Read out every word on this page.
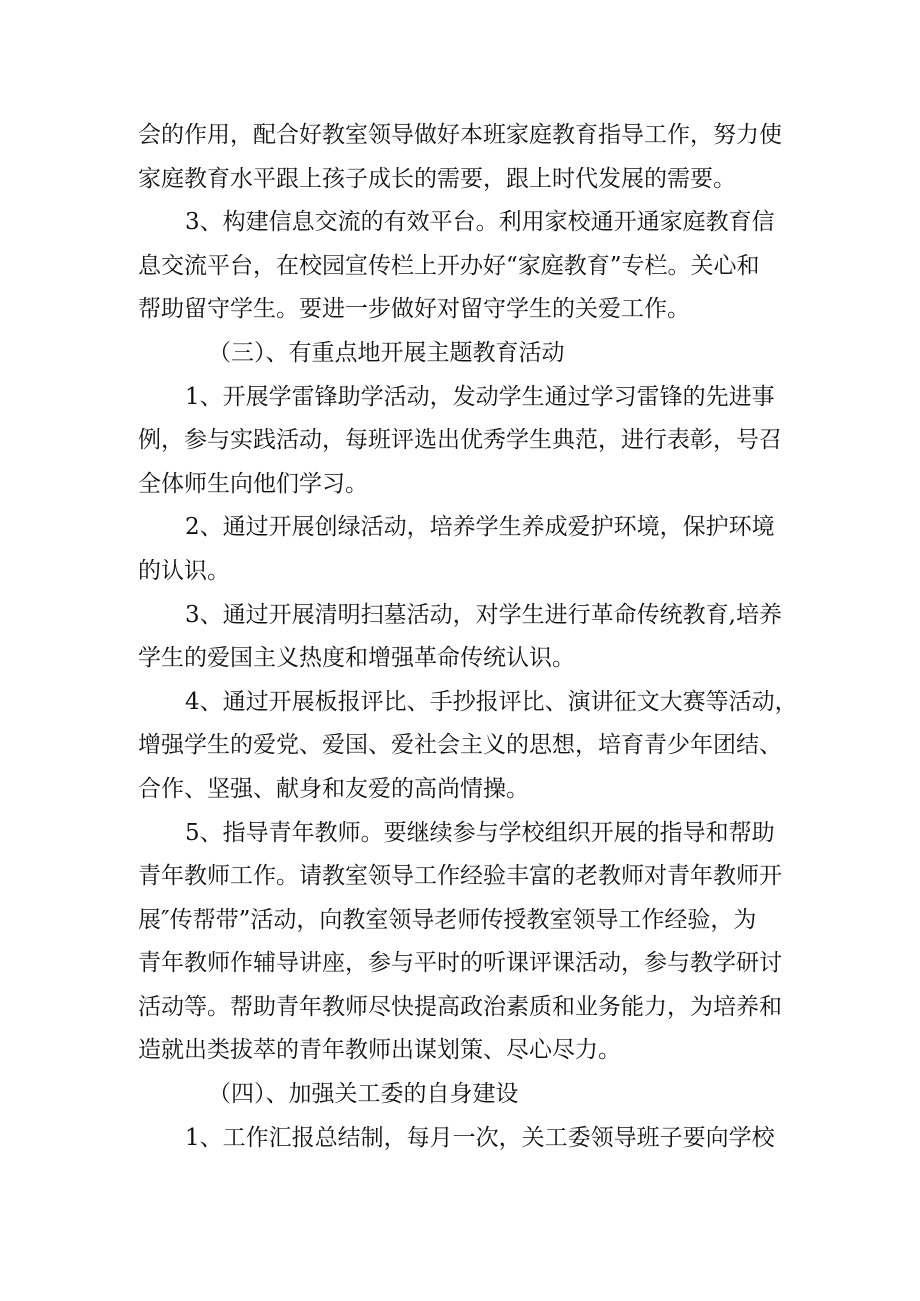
会的作用，配合好教室领导做好本班家庭教育指导工作，努力使
家庭教育水平跟上孩子成长的需要，跟上时代发展的需要。
3、构建信息交流的有效平台。利用家校通开通家庭教育信
息交流平台，在校园宣传栏上开办好“家庭教育”专栏。关心和
帮助留守学生。要进一步做好对留守学生的关爱工作。
（三）、有重点地开展主题教育活动
1、开展学雷锋助学活动，发动学生通过学习雷锋的先进事
例，参与实践活动，每班评选出优秀学生典范，进行表彰，号召
全体师生向他们学习。
2、通过开展创绿活动，培养学生养成爱护环境，保护环境
的认识。
3、通过开展清明扫墓活动，对学生进行革命传统教育,培养
学生的爱国主义热度和增强革命传统认识。
4、通过开展板报评比、手抄报评比、演讲征文大赛等活动，
增强学生的爱党、爱国、爱社会主义的思想，培育青少年团结、
合作、坚强、献身和友爱的高尚情操。
5、指导青年教师。要继续参与学校组织开展的指导和帮助
青年教师工作。请教室领导工作经验丰富的老教师对青年教师开
展″传帮带”活动，向教室领导老师传授教室领导工作经验，为
青年教师作辅导讲座，参与平时的听课评课活动，参与教学研讨
活动等。帮助青年教师尽快提高政治素质和业务能力，为培养和
造就出类拔萃的青年教师出谋划策、尽心尽力。
（四）、加强关工委的自身建设
1、工作汇报总结制，每月一次，关工委领导班子要向学校
